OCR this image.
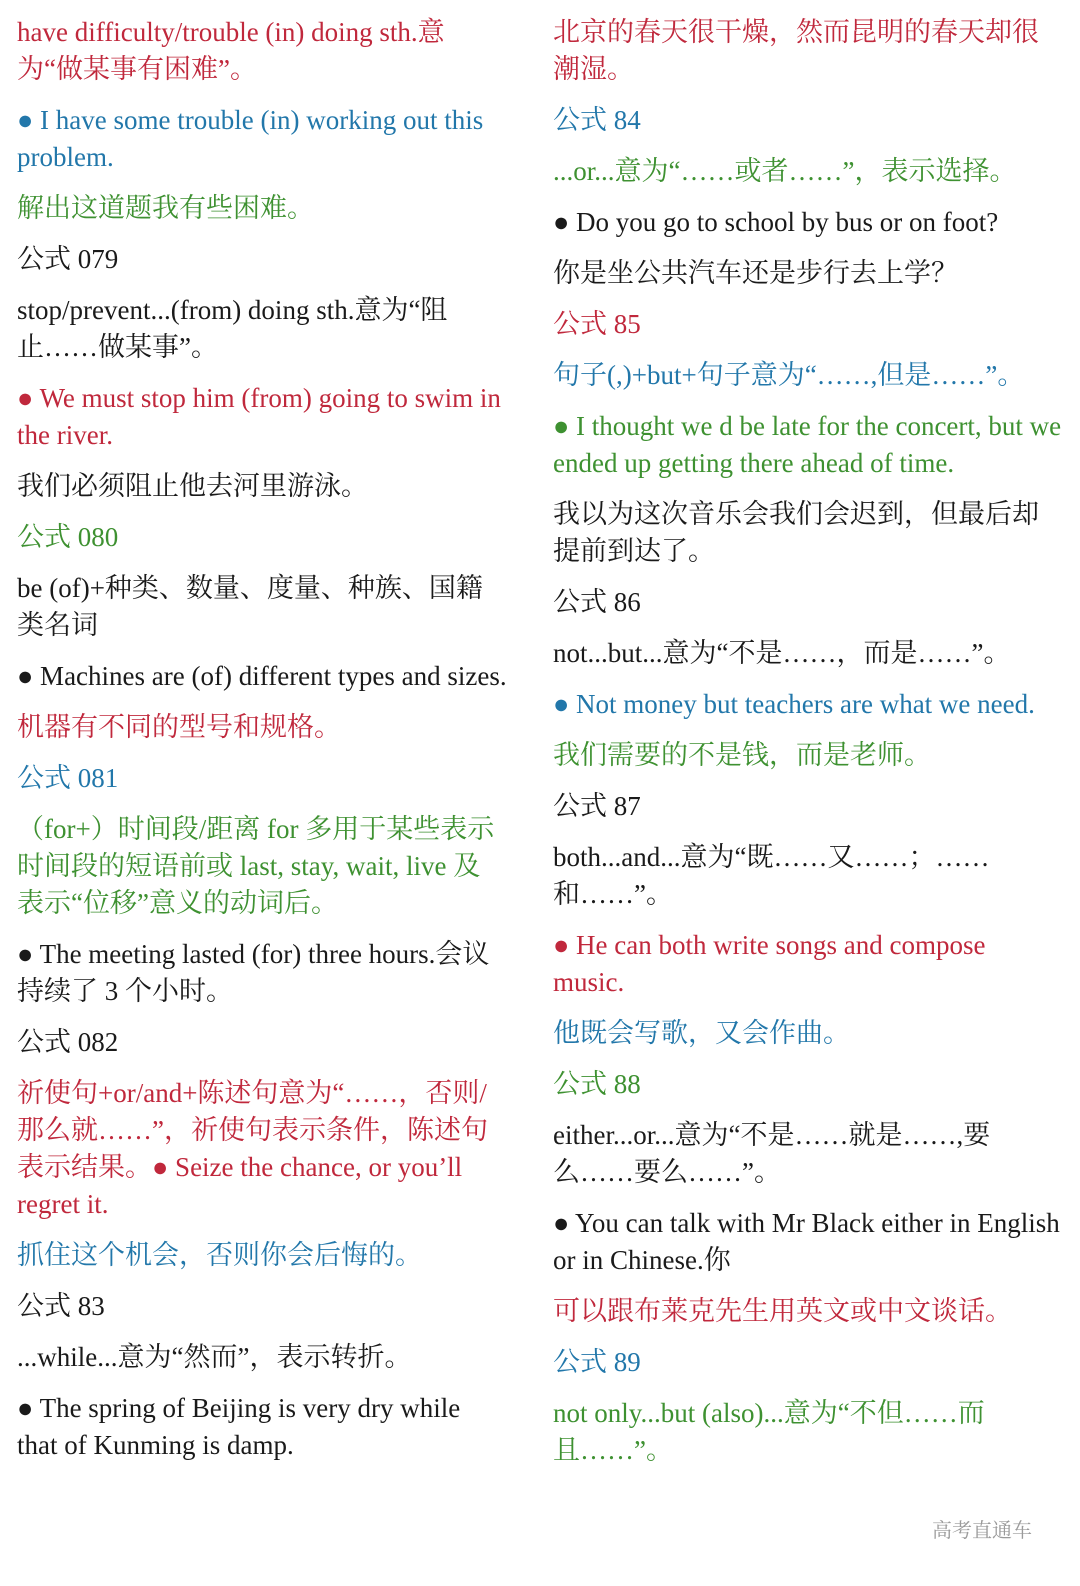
have difficulty/trouble (in) doing sth.意为“做某事有困难”。

● I have some trouble (in) working out this problem.

解出这道题我有些困难。

公式 079

stop/prevent...(from) doing sth.意为“阻止……做某事”。

● We must stop him (from) going to swim in the river.

我们必须阻止他去河里游泳。

公式 080

be (of)+种类、数量、度量、种族、国籍类名词

● Machines are (of) different types and sizes.

机器有不同的型号和规格。

公式 081

（for+）时间段/距离 for 多用于某些表示时间段的短语前或 last, stay, wait, live 及表示“位移”意义的动词后。

● The meeting lasted (for) three hours.会议持续了 3 个小时。

公式 082

祈使句+or/and+陈述句意为“……，否则/那么就……”，祈使句表示条件，陈述句表示结果。● Seize the chance, or you’ll regret it.

抓住这个机会，否则你会后悔的。

公式 83

...while...意为“然而”，表示转折。

● The spring of Beijing is very dry while that of Kunming is damp.

北京的春天很干燥，然而昆明的春天却很潮湿。

公式 84

...or...意为“……或者……”，表示选择。

● Do you go to school by bus or on foot?

你是坐公共汽车还是步行去上学？

公式 85

句子(,)+but+句子意为“……,但是……”。

● I thought we d be late for the concert, but we ended up getting there ahead of time.

我以为这次音乐会我们会迟到，但最后却提前到达了。

公式 86

not...but...意为“不是……，而是……”。

● Not money but teachers are what we need.

我们需要的不是钱，而是老师。

公式 87

both...and...意为“既……又……；……和……”。

● He can both write songs and compose music.

他既会写歌，又会作曲。

公式 88

either...or...意为“不是……就是……,要么……要么……”。

● You can talk with Mr Black either in English or in Chinese.你

可以跟布莱克先生用英文或中文谈话。

公式 89

not only...but (also)...意为“不但……而且……”。

高考直通车
